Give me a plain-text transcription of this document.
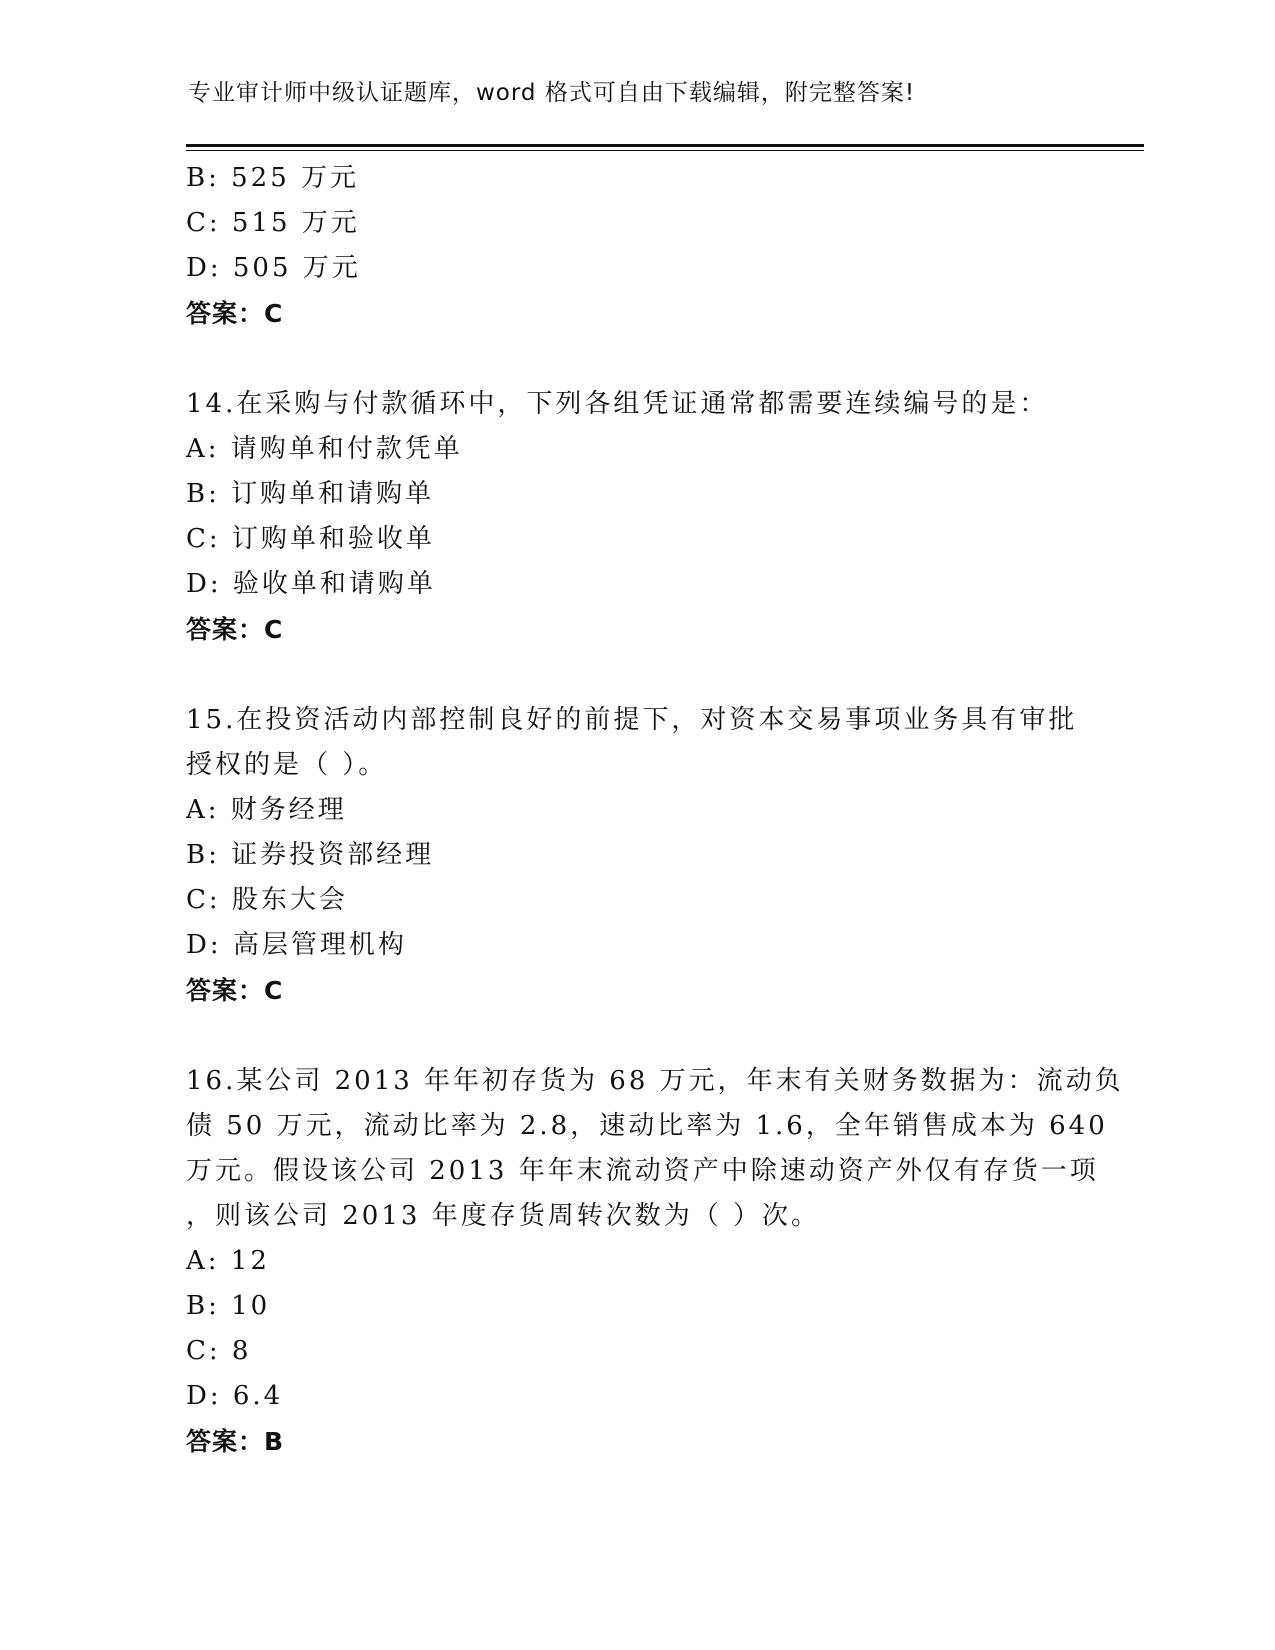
专业审计师中级认证题库，word 格式可自由下载编辑，附完整答案!
B: 525 万元
C: 515 万元
D: 505 万元
答案：C
14.在采购与付款循环中，下列各组凭证通常都需要连续编号的是：
A: 请购单和付款凭单
B: 订购单和请购单
C: 订购单和验收单
D: 验收单和请购单
答案：C
15.在投资活动内部控制良好的前提下，对资本交易事项业务具有审批
授权的是（ ）。
A: 财务经理
B: 证券投资部经理
C: 股东大会
D: 高层管理机构
答案：C
16.某公司 2013 年年初存货为 68 万元，年末有关财务数据为：流动负
债 50 万元，流动比率为 2.8，速动比率为 1.6，全年销售成本为 640
万元。假设该公司 2013 年年末流动资产中除速动资产外仅有存货一项
，则该公司 2013 年度存货周转次数为（ ）次。
A: 12
B: 10
C: 8
D: 6.4
答案：B
